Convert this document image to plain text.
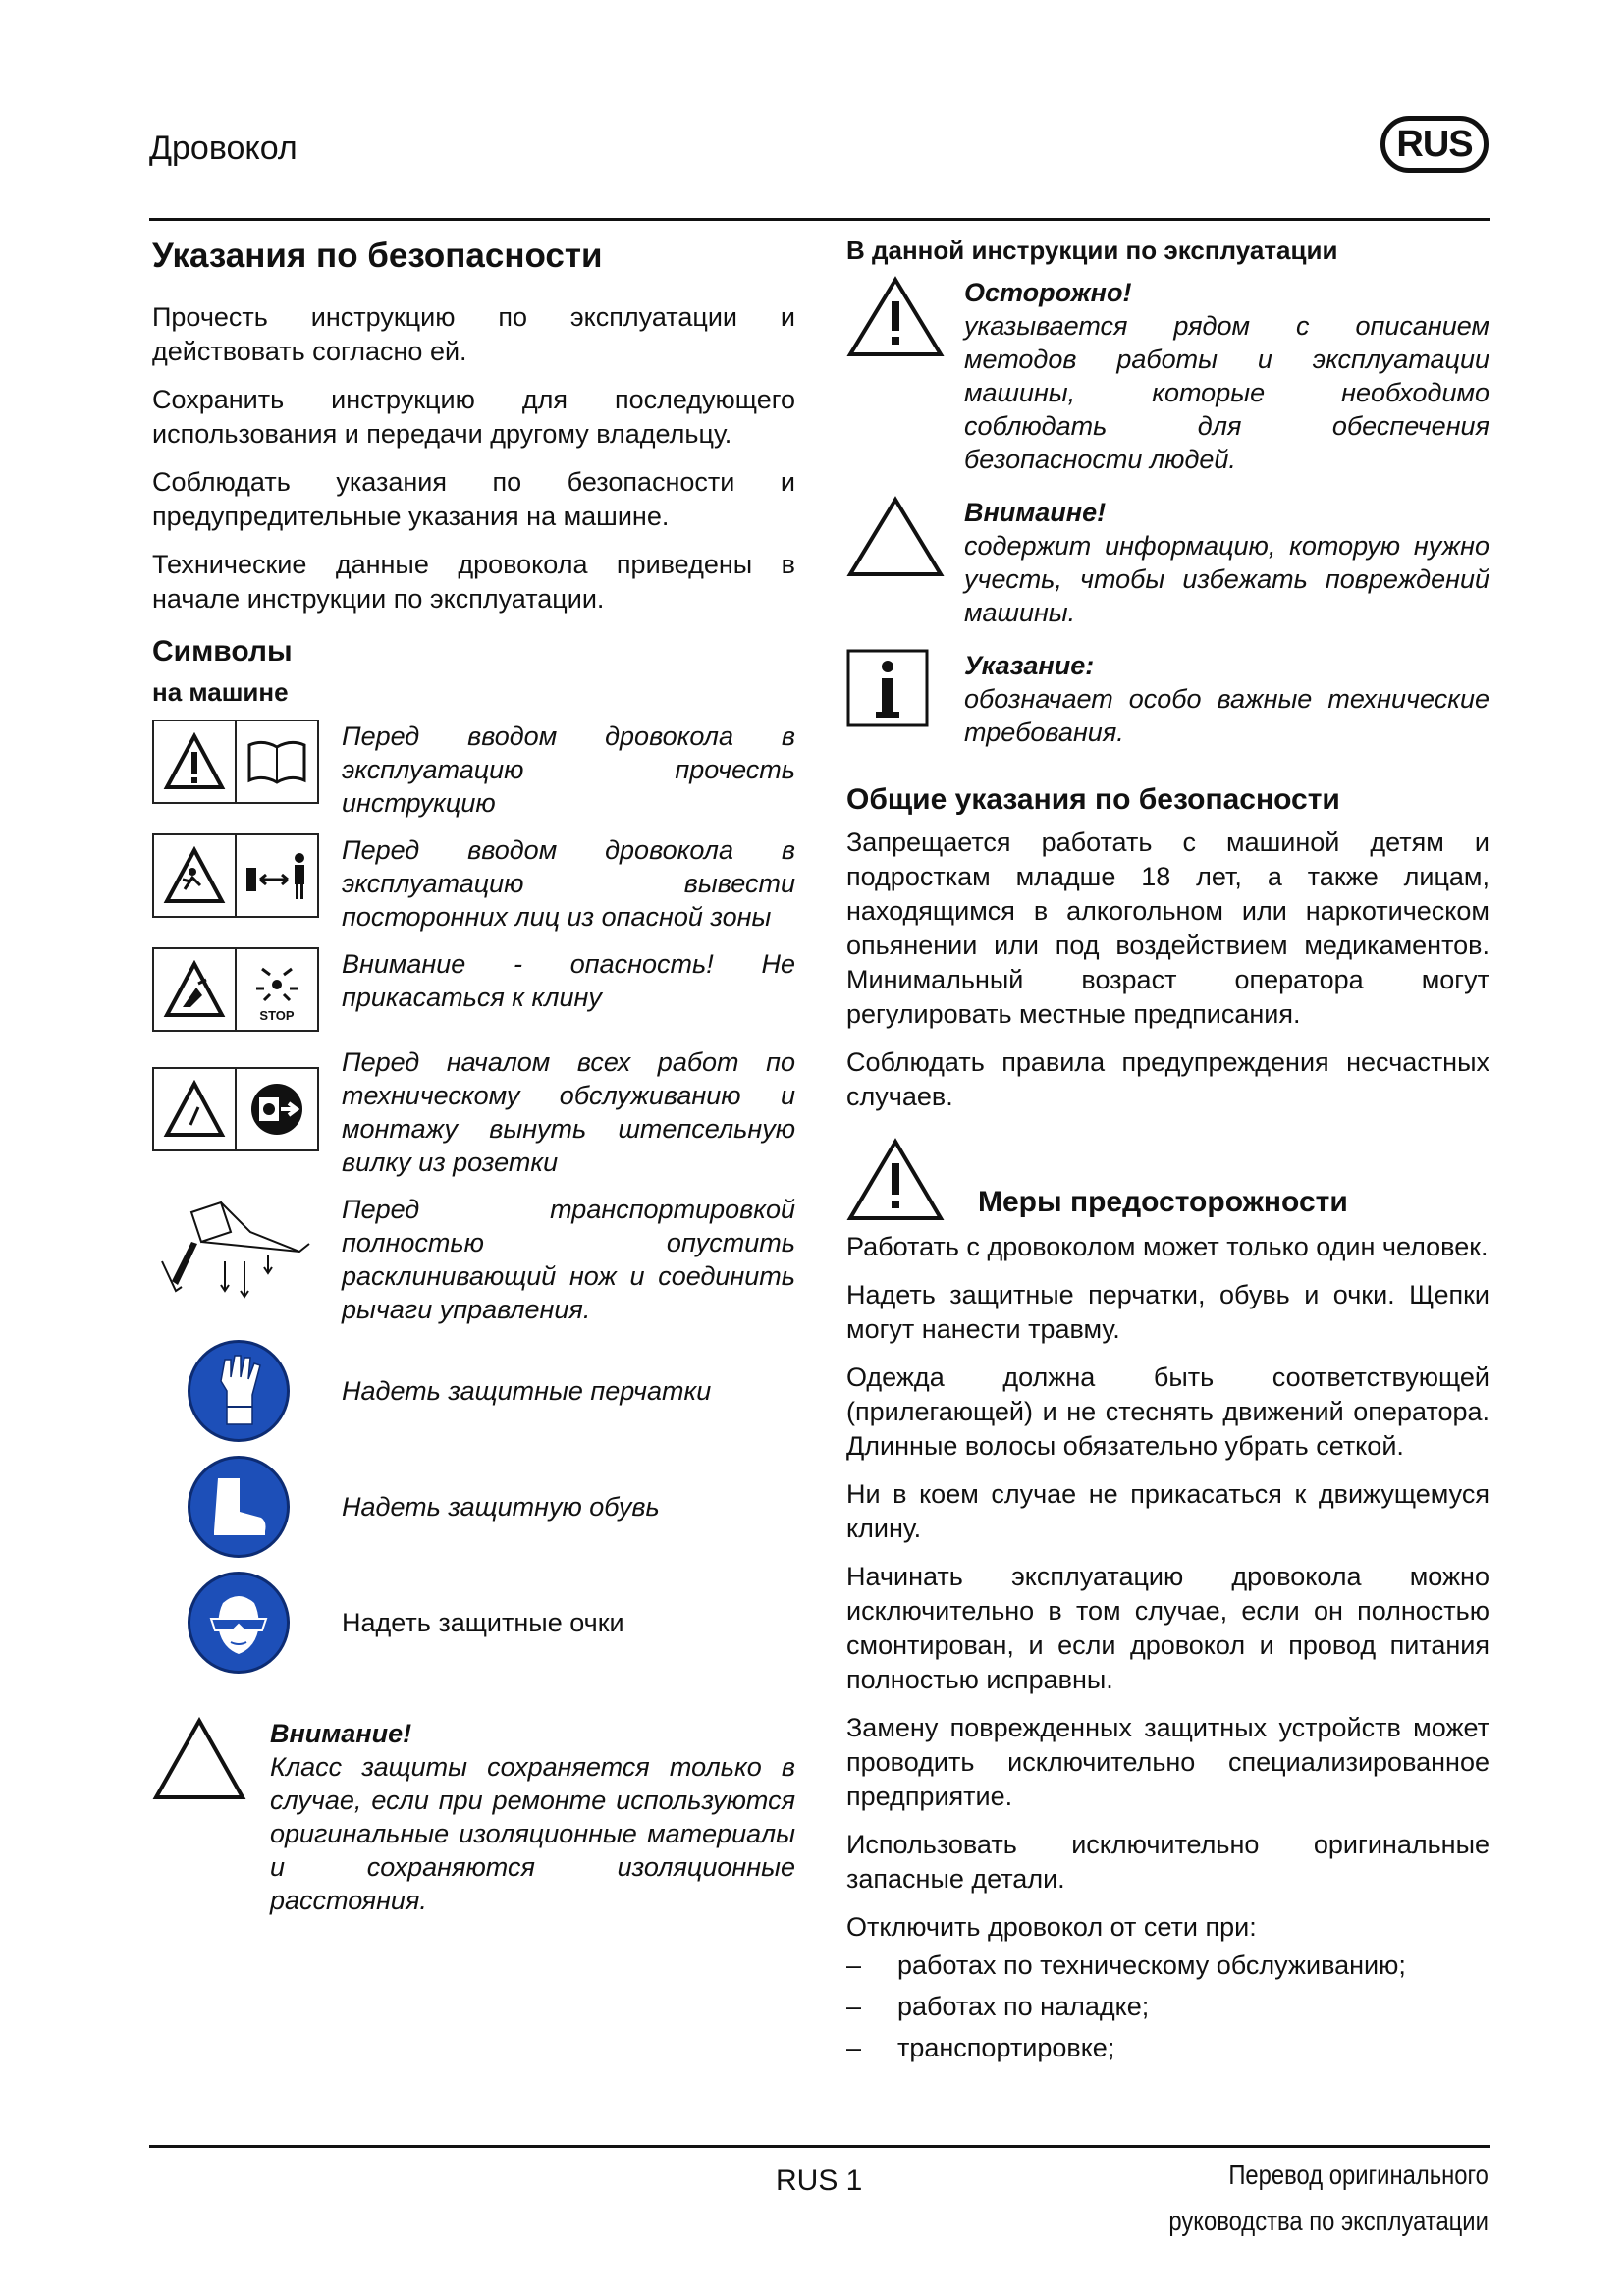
Дровокол	RUS
Указания по безопасности

Прочесть инструкцию по эксплуатации и действовать согласно ей.

Сохранить инструкцию для последующего использования и передачи другому владельцу.

Соблюдать указания по безопасности и предупредительные указания на машине.

Технические данные дровокола приведены в начале инструкции по эксплуатации.

Символы
на машине
Перед вводом дровокола в эксплуатацию прочесть инструкцию
Перед вводом дровокола в эксплуатацию вывести посторонних лиц из опасной зоны
STOP
Внимание - опасность! Не прикасаться к клину
Перед началом всех работ по техническому обслуживанию и монтажу вынуть штепсельную вилку из розетки
Перед транспортировкой полностью опустить расклинивающий нож и соединить рычаги управления.
Надеть защитные перчатки
Надеть защитную обувь
Надеть защитные очки
Внимание!
Класс защиты сохраняется только в случае, если при ремонте используются оригинальные изоляционные материалы и сохраняются изоляционные расстояния.
В данной инструкции по эксплуатации
Осторожно!
указывается рядом с описанием методов работы и эксплуатации машины, которые необходимо соблюдать для обеспечения безопасности людей.
Внимаине!
содержит информацию, которую нужно учесть, чтобы избежать повреждений машины.
Указание:
обозначает особо важные технические требования.
Общие указания по безопасности

Запрещается работать с машиной детям и подросткам младше 18 лет, а также лицам, находящимся в алкогольном или наркотическом опьянении или под воздействием медикаментов. Минимальный возраст оператора могут регулировать местные предписания.

Соблюдать правила предупреждения несчастных случаев.

Меры предосторожности

Работать с дровоколом может только один человек.

Надеть защитные перчатки, обувь и очки. Щепки могут нанести травму.

Одежда должна быть соответствующей (прилегающей) и не стеснять движений оператора. Длинные волосы обязательно убрать сеткой.

Ни в коем случае не прикасаться к движущемуся клину.

Начинать эксплуатацию дровокола можно исключительно в том случае, если он полностью смонтирован, и если дровокол и провод питания полностью исправны.

Замену поврежденных защитных устройств может проводить исключительно специализированное предприятие.

Использовать исключительно оригинальные запасные детали.

Отключить дровокол от сети при:

– работах по техническому обслуживанию;
– работах по наладке;
– транспортировке;
RUS 1	Перевод оригинального
руководства по эксплуатации
